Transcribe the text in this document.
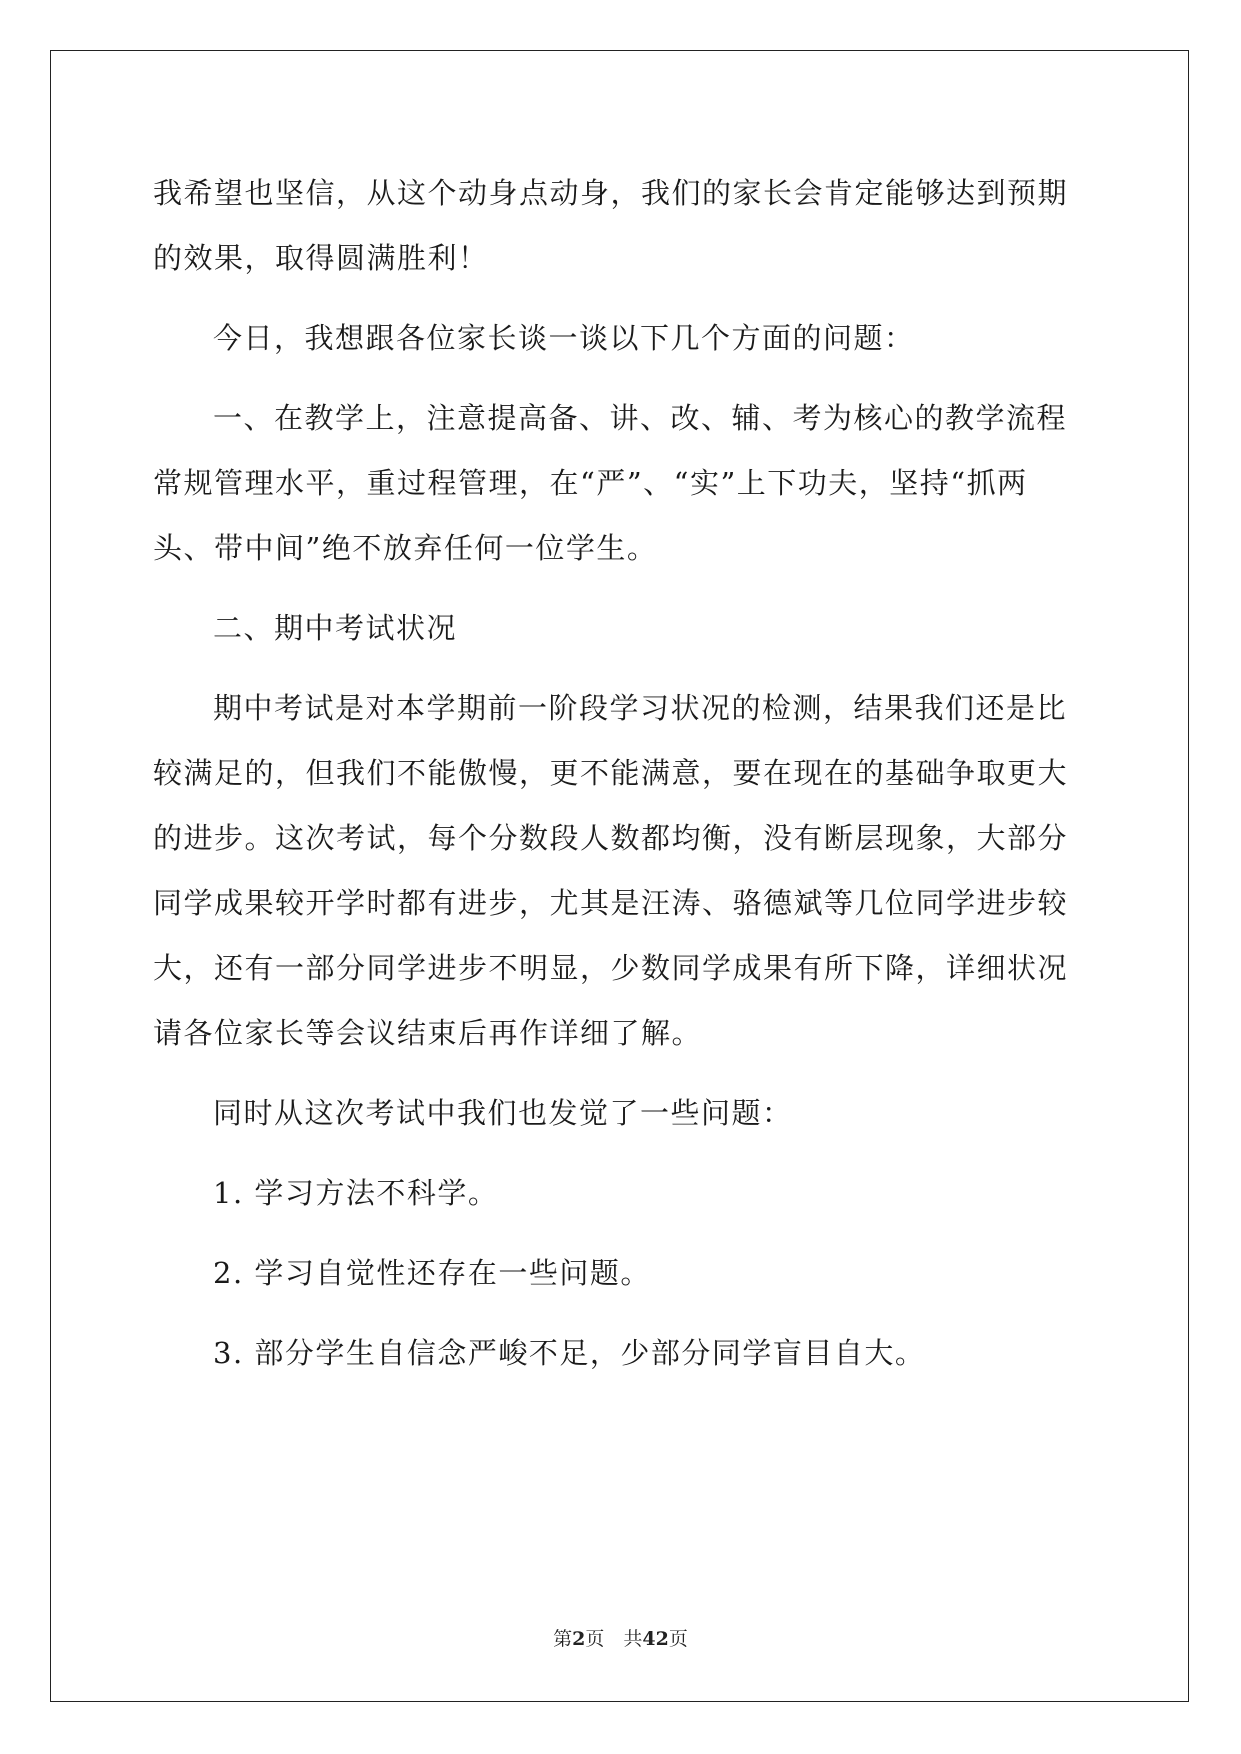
我希望也坚信，从这个动身点动身，我们的家长会肯定能够达到预期
的效果，取得圆满胜利！
今日，我想跟各位家长谈一谈以下几个方面的问题：
一、在教学上，注意提高备、讲、改、辅、考为核心的教学流程
常规管理水平，重过程管理，在“严”、“实”上下功夫，坚持“抓两
头、带中间”绝不放弃任何一位学生。
二、期中考试状况
期中考试是对本学期前一阶段学习状况的检测，结果我们还是比
较满足的，但我们不能傲慢，更不能满意，要在现在的基础争取更大
的进步。这次考试，每个分数段人数都均衡，没有断层现象，大部分
同学成果较开学时都有进步，尤其是汪涛、骆德斌等几位同学进步较
大，还有一部分同学进步不明显，少数同学成果有所下降，详细状况
请各位家长等会议结束后再作详细了解。
同时从这次考试中我们也发觉了一些问题：
1. 学习方法不科学。
2. 学习自觉性还存在一些问题。
3. 部分学生自信念严峻不足，少部分同学盲目自大。
第2页　共42页
